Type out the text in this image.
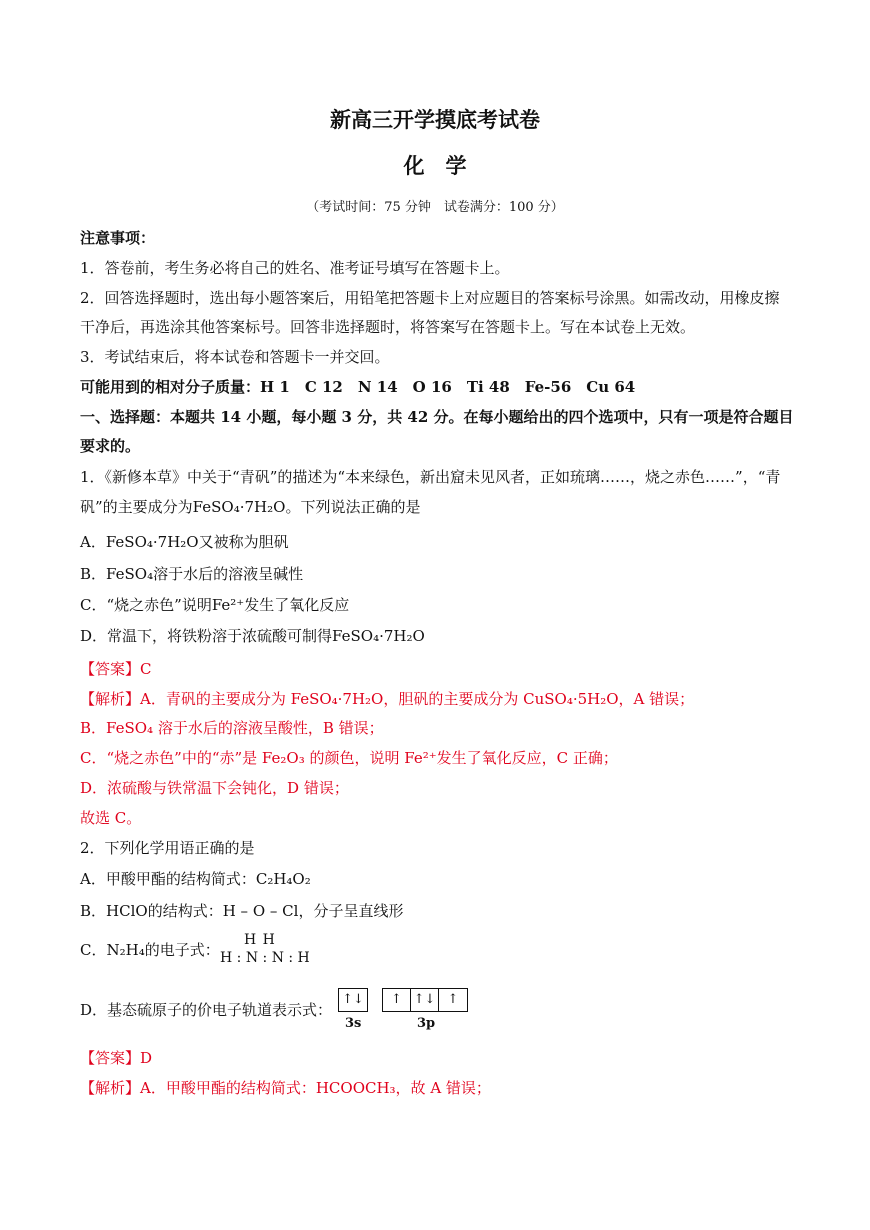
新高三开学摸底考试卷
化　学
（考试时间：75 分钟　试卷满分：100 分）
注意事项：
1．答卷前，考生务必将自己的姓名、准考证号填写在答题卡上。
2．回答选择题时，选出每小题答案后，用铅笔把答题卡上对应题目的答案标号涂黑。如需改动，用橡皮擦
干净后，再选涂其他答案标号。回答非选择题时，将答案写在答题卡上。写在本试卷上无效。
3．考试结束后，将本试卷和答题卡一并交回。
可能用到的相对分子质量：H 1　C 12　N 14　O 16　Ti 48　Fe-56　Cu 64
一、选择题：本题共 14 小题，每小题 3 分，共 42 分。在每小题给出的四个选项中，只有一项是符合题目
要求的。
1．《新修本草》中关于“青矾”的描述为“本来绿色，新出窟未见风者，正如琉璃……，烧之赤色……”，“青
矾”的主要成分为FeSO₄·7H₂O。下列说法正确的是
A．FeSO₄·7H₂O又被称为胆矾
B．FeSO₄溶于水后的溶液呈碱性
C．“烧之赤色”说明Fe²⁺发生了氧化反应
D．常温下，将铁粉溶于浓硫酸可制得FeSO₄·7H₂O
【答案】C
【解析】A．青矾的主要成分为 FeSO₄·7H₂O，胆矾的主要成分为 CuSO₄·5H₂O，A 错误；
B．FeSO₄ 溶于水后的溶液呈酸性，B 错误；
C．“烧之赤色”中的“赤”是 Fe₂O₃ 的颜色，说明 Fe²⁺发生了氧化反应，C 正确；
D．浓硫酸与铁常温下会钝化，D 错误；
故选 C。
2．下列化学用语正确的是
A．甲酸甲酯的结构简式：C₂H₄O₂
B．HClO的结构式：H – O – Cl，分子呈直线形
C．N₂H₄的电子式：
H H
H : N : N : H
D．基态硫原子的价电子轨道表示式：
↑↓	↑ ↑↓ ↑
3s	3p
【答案】D
【解析】A．甲酸甲酯的结构简式：HCOOCH₃，故 A 错误；
